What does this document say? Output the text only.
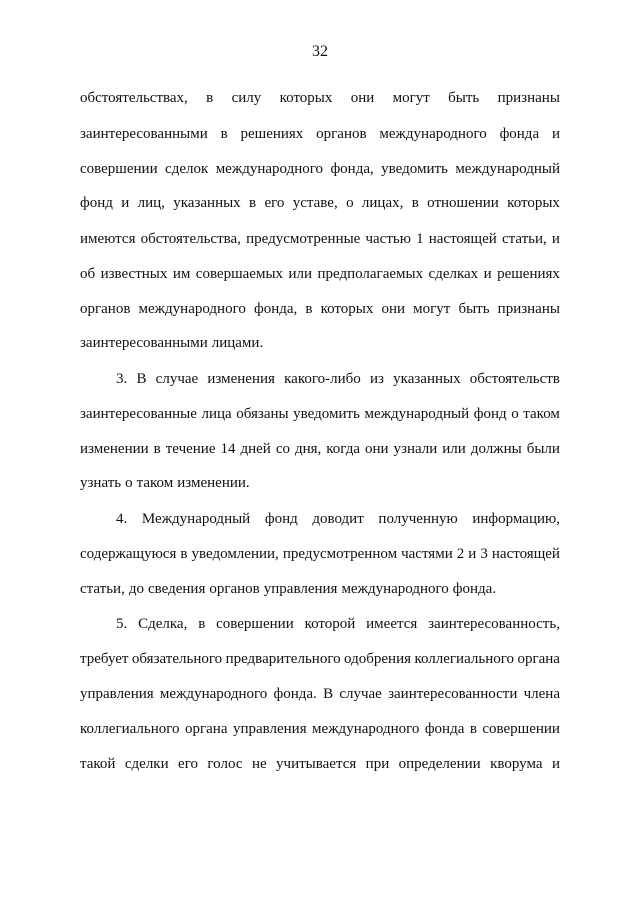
32
обстоятельствах, в силу которых они могут быть признаны
заинтересованными в решениях органов международного фонда и
совершении сделок международного фонда, уведомить международный
фонд и лиц, указанных в его уставе, о лицах, в отношении которых
имеются обстоятельства, предусмотренные частью 1 настоящей статьи, и
об известных им совершаемых или предполагаемых сделках и решениях
органов международного фонда, в которых они могут быть признаны
заинтересованными лицами.
3. В случае изменения какого-либо из указанных обстоятельств
заинтересованные лица обязаны уведомить международный фонд о таком
изменении в течение 14 дней со дня, когда они узнали или должны были
узнать о таком изменении.
4. Международный фонд доводит полученную информацию,
содержащуюся в уведомлении, предусмотренном частями 2 и 3 настоящей
статьи, до сведения органов управления международного фонда.
5. Сделка, в совершении которой имеется заинтересованность,
требует обязательного предварительного одобрения коллегиального органа
управления международного фонда. В случае заинтересованности члена
коллегиального органа управления международного фонда в совершении
такой сделки его голос не учитывается при определении кворума и
